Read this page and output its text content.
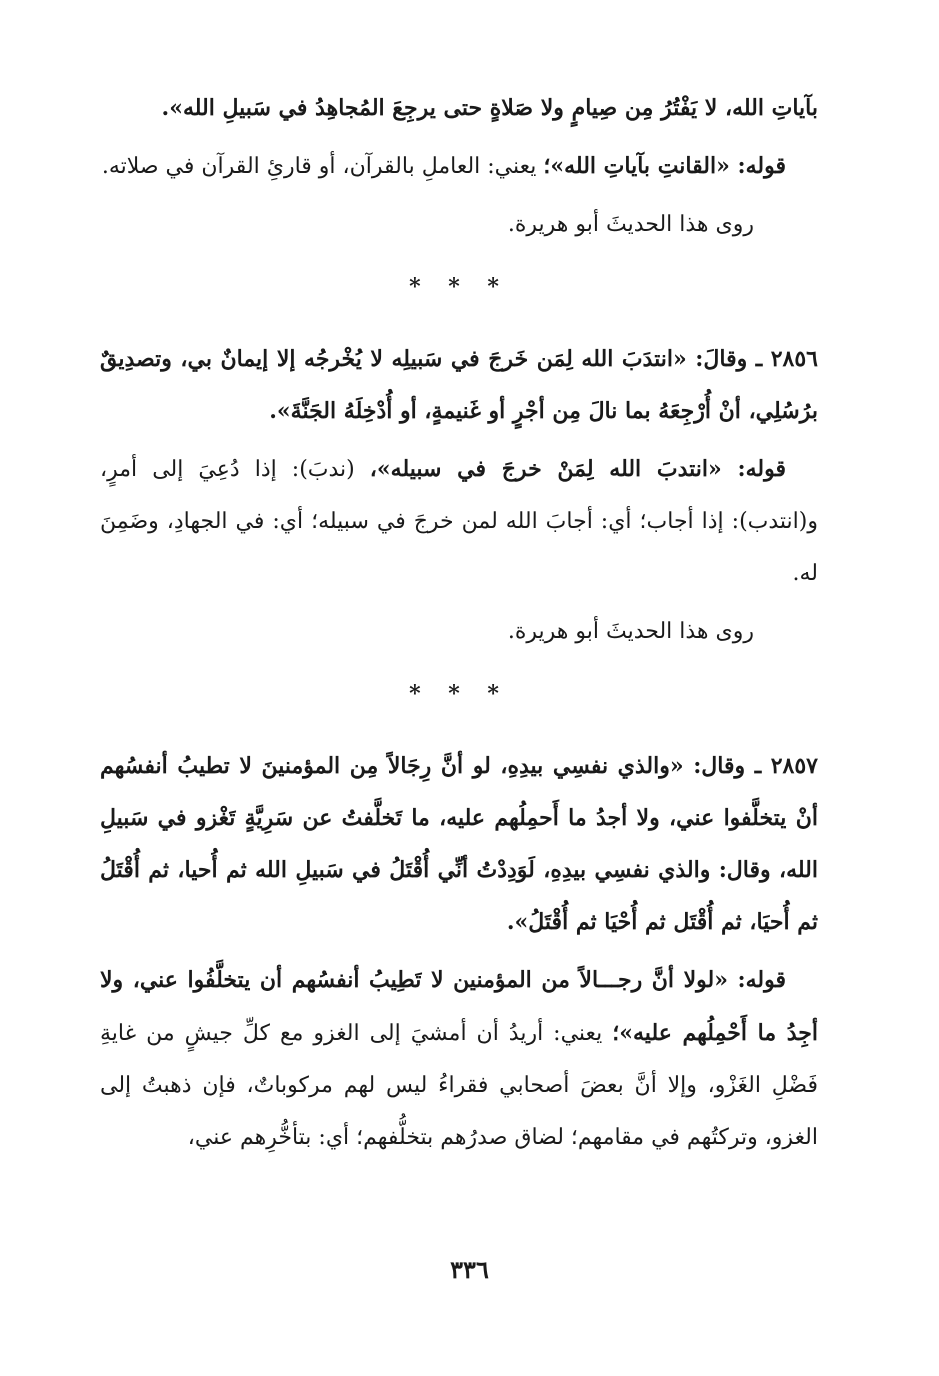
بآياتِ الله، لا يَفْتُرُ مِن صِيامٍ ولا صَلاةٍ حتى يرجِعَ المُجاهِدُ في سَبيلِ الله».

قوله: «القانتِ بآياتِ الله»؛ يعني: العاملِ بالقرآن، أو قارئِ القرآن في صلاته.

روى هذا الحديثَ أبو هريرة.

* * *

٢٨٥٦ ـ وقالَ: «انتدَبَ الله لِمَن خَرجَ في سَبيلِه لا يُخْرجُه إلا إيمانٌ بي، وتصدِيقٌ برُسُلِي، أنْ أُرْجِعَهُ بما نالَ مِن أجْرٍ أو غَنيمةٍ، أو أُدْخِلَهُ الجَنَّةَ».

قوله: «انتدبَ الله لِمَنْ خرجَ في سبيله»، (ندبَ): إذا دُعِيَ إلى أمرٍ، و(انتدب): إذا أجاب؛ أي: أجابَ الله لمن خرجَ في سبيله؛ أي: في الجهادِ، وضَمِنَ له.

روى هذا الحديثَ أبو هريرة.

* * *

٢٨٥٧ ـ وقال: «والذي نفسِي بيدِهِ، لو أنَّ رِجَالاً مِن المؤمنينَ لا تطيبُ أنفسُهم أنْ يتخلَّفوا عني، ولا أجدُ ما أَحمِلُهم عليه، ما تَخلَّفتُ عن سَرِيَّةٍ تَغْزو في سَبيلِ الله، وقال: والذي نفسِي بيدِهِ، لَوَدِدْتُ أنِّي أُقْتَلُ في سَبيلِ الله ثم أُحيا، ثم أُقْتَلُ ثم أُحيَا، ثم أُقْتَل ثم أُحْيَا ثم أُقْتَلُ».

قوله: «لولا أنَّ رجـــالاً من المؤمنين لا تَطِيبُ أنفسُهم أن يتخلَّفُوا عني، ولا أجِدُ ما أَحْمِلُهم عليه»؛ يعني: أريدُ أن أمشيَ إلى الغزو مع كلِّ جيشٍ من غايةِ فَضْلِ الغَزْو، وإلا أنَّ بعضَ أصحابي فقراءُ ليس لهم مركوباتٌ، فإن ذهبتُ إلى الغزو، وتركتُهم في مقامهم؛ لضاق صدرُهم بتخلُّفهم؛ أي: بتأخُّرِهم عني،

٣٣٦
